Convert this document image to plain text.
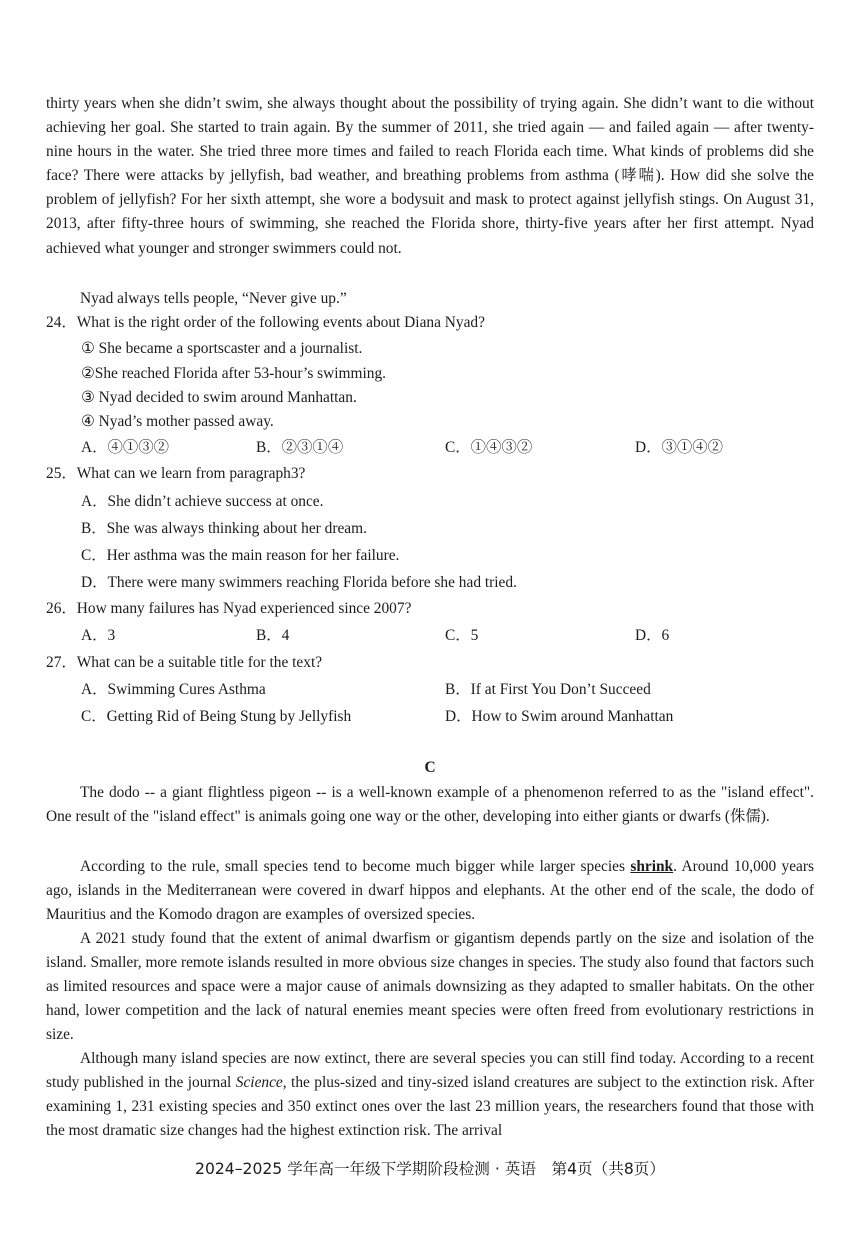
thirty years when she didn’t swim, she always thought about the possibility of trying again. She didn’t want to die without achieving her goal. She started to train again. By the summer of 2011, she tried again — and failed again — after twenty-nine hours in the water. She tried three more times and failed to reach Florida each time. What kinds of problems did she face? There were attacks by jellyfish, bad weather, and breathing problems from asthma (哮喘). How did she solve the problem of jellyfish? For her sixth attempt, she wore a bodysuit and mask to protect against jellyfish stings. On August 31, 2013, after fifty-three hours of swimming, she reached the Florida shore, thirty-five years after her first attempt. Nyad achieved what younger and stronger swimmers could not.

Nyad always tells people, “Never give up.”
24．What is the right order of the following events about Diana Nyad?
① She became a sportscaster and a journalist.
②She reached Florida after 53-hour’s swimming.
③ Nyad decided to swim around Manhattan.
④ Nyad’s mother passed away.
A．④①③②	B．②③①④	C．①④③②	D．③①④②
25．What can we learn from paragraph3?
A．She didn’t achieve success at once.
B．She was always thinking about her dream.
C．Her asthma was the main reason for her failure.
D．There were many swimmers reaching Florida before she had tried.
26．How many failures has Nyad experienced since 2007?
A．3	B．4	C．5	D．6
27．What can be a suitable title for the text?
A．Swimming Cures Asthma	B．If at First You Don’t Succeed
C．Getting Rid of Being Stung by Jellyfish	D．How to Swim around Manhattan
C

The dodo -- a giant flightless pigeon -- is a well-known example of a phenomenon referred to as the "island effect". One result of the "island effect" is animals going one way or the other, developing into either giants or dwarfs (侏儒).

According to the rule, small species tend to become much bigger while larger species shrink. Around 10,000 years ago, islands in the Mediterranean were covered in dwarf hippos and elephants. At the other end of the scale, the dodo of Mauritius and the Komodo dragon are examples of oversized species.

A 2021 study found that the extent of animal dwarfism or gigantism depends partly on the size and isolation of the island. Smaller, more remote islands resulted in more obvious size changes in species. The study also found that factors such as limited resources and space were a major cause of animals downsizing as they adapted to smaller habitats. On the other hand, lower competition and the lack of natural enemies meant species were often freed from evolutionary restrictions in size.

Although many island species are now extinct, there are several species you can still find today. According to a recent study published in the journal Science, the plus-sized and tiny-sized island creatures are subject to the extinction risk. After examining 1, 231 existing species and 350 extinct ones over the last 23 million years, the researchers found that those with the most dramatic size changes had the highest extinction risk. The arrival

2024–2025 学年高一年级下学期阶段检测 · 英语　第4页（共8页）
